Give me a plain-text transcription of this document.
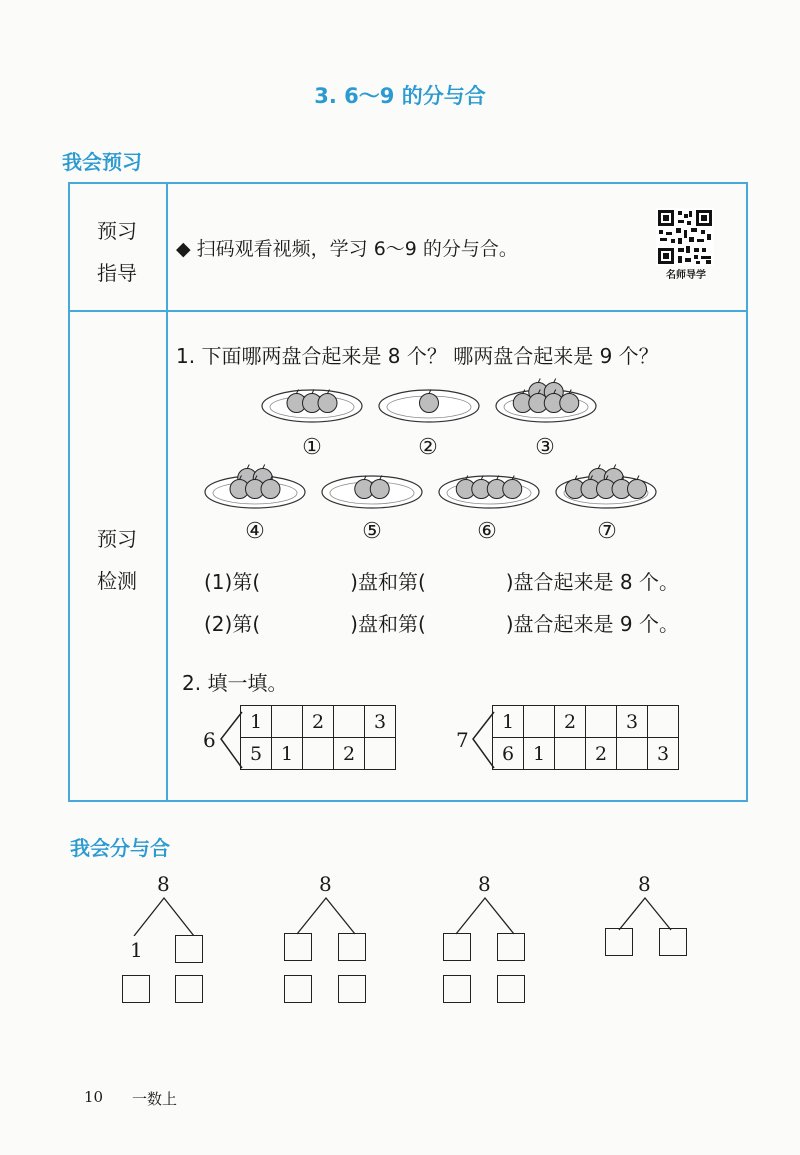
3. 6～9 的分与合
我会预习
预习
指导
◆ 扫码观看视频，学习 6～9 的分与合。
名师导学
预习
检测
1. 下面哪两盘合起来是 8 个？ 哪两盘合起来是 9 个？
①	②	③
④	⑤	⑥	⑦
(1)第(	)盘和第(	)盘合起来是 8 个。
(2)第(	)盘和第(	)盘合起来是 9 个。
2. 填一填。
6
1		2		3
5	1		2	
7
1		2		3	
6	1		2		3
我会分与合
8
1
8	8	8
10 一数上
